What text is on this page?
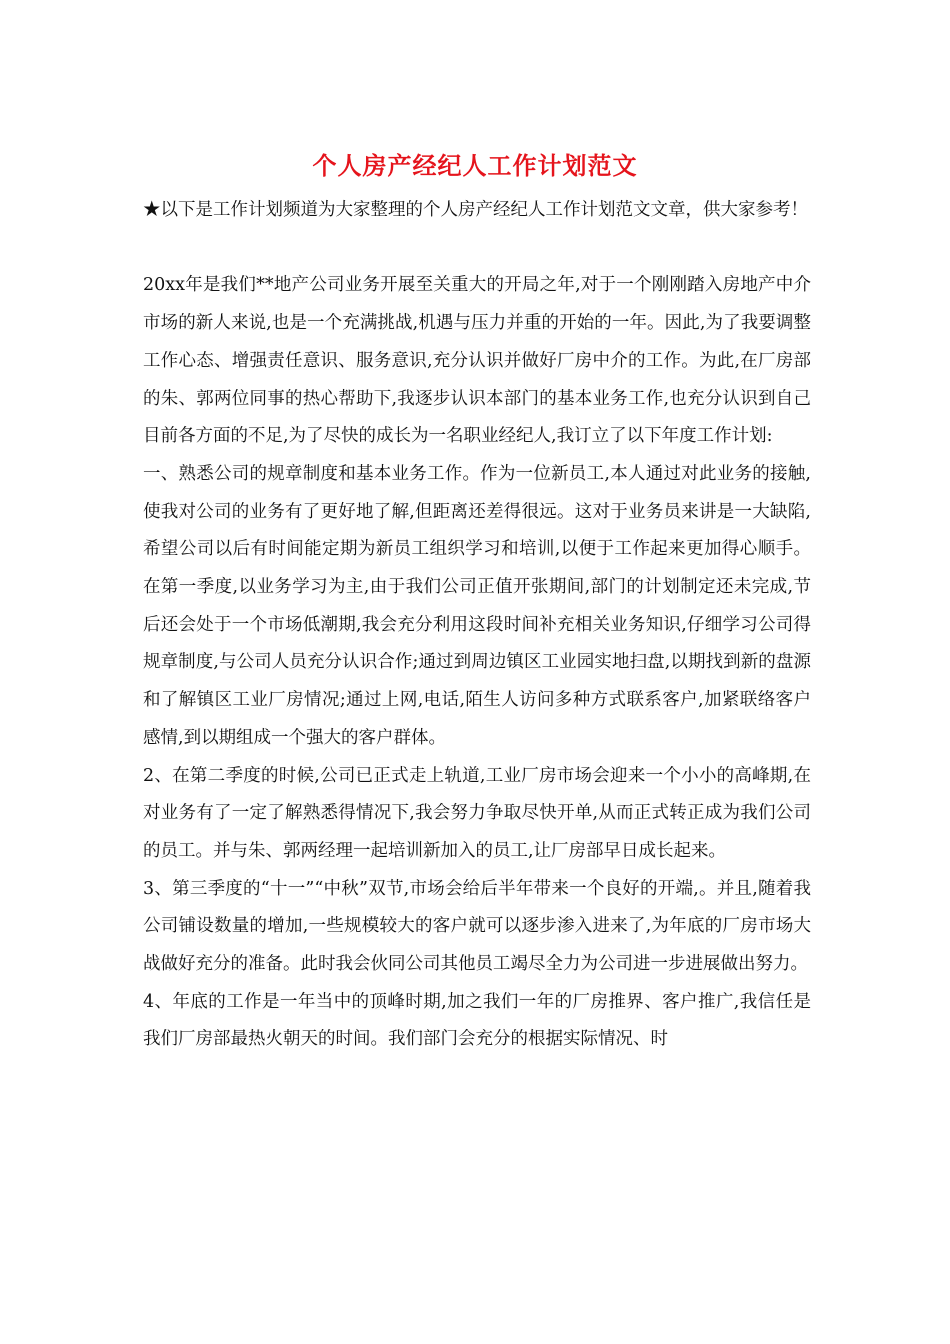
个人房产经纪人工作计划范文

★以下是工作计划频道为大家整理的个人房产经纪人工作计划范文文章，供大家参考！

20xx年是我们**地产公司业务开展至关重大的开局之年,对于一个刚刚踏入房地产中介市场的新人来说,也是一个充满挑战,机遇与压力并重的开始的一年。因此,为了我要调整工作心态、增强责任意识、服务意识,充分认识并做好厂房中介的工作。为此,在厂房部的朱、郭两位同事的热心帮助下,我逐步认识本部门的基本业务工作,也充分认识到自己目前各方面的不足,为了尽快的成长为一名职业经纪人,我订立了以下年度工作计划:

一、熟悉公司的规章制度和基本业务工作。作为一位新员工,本人通过对此业务的接触,使我对公司的业务有了更好地了解,但距离还差得很远。这对于业务员来讲是一大缺陷,希望公司以后有时间能定期为新员工组织学习和培训,以便于工作起来更加得心顺手。 在第一季度,以业务学习为主,由于我们公司正值开张期间,部门的计划制定还未完成,节后还会处于一个市场低潮期,我会充分利用这段时间补充相关业务知识,仔细学习公司得规章制度,与公司人员充分认识合作;通过到周边镇区工业园实地扫盘,以期找到新的盘源和了解镇区工业厂房情况;通过上网,电话,陌生人访问多种方式联系客户,加紧联络客户感情,到以期组成一个强大的客户群体。

2、在第二季度的时候,公司已正式走上轨道,工业厂房市场会迎来一个小小的高峰期,在对业务有了一定了解熟悉得情况下,我会努力争取尽快开单,从而正式转正成为我们公司的员工。并与朱、郭两经理一起培训新加入的员工,让厂房部早日成长起来。

3、第三季度的“十一”“中秋”双节,市场会给后半年带来一个良好的开端,。并且,随着我公司铺设数量的增加,一些规模较大的客户就可以逐步渗入进来了,为年底的厂房市场大战做好充分的准备。此时我会伙同公司其他员工竭尽全力为公司进一步进展做出努力。

4、年底的工作是一年当中的顶峰时期,加之我们一年的厂房推界、客户推广,我信任是我们厂房部最热火朝天的时间。我们部门会充分的根据实际情况、时
